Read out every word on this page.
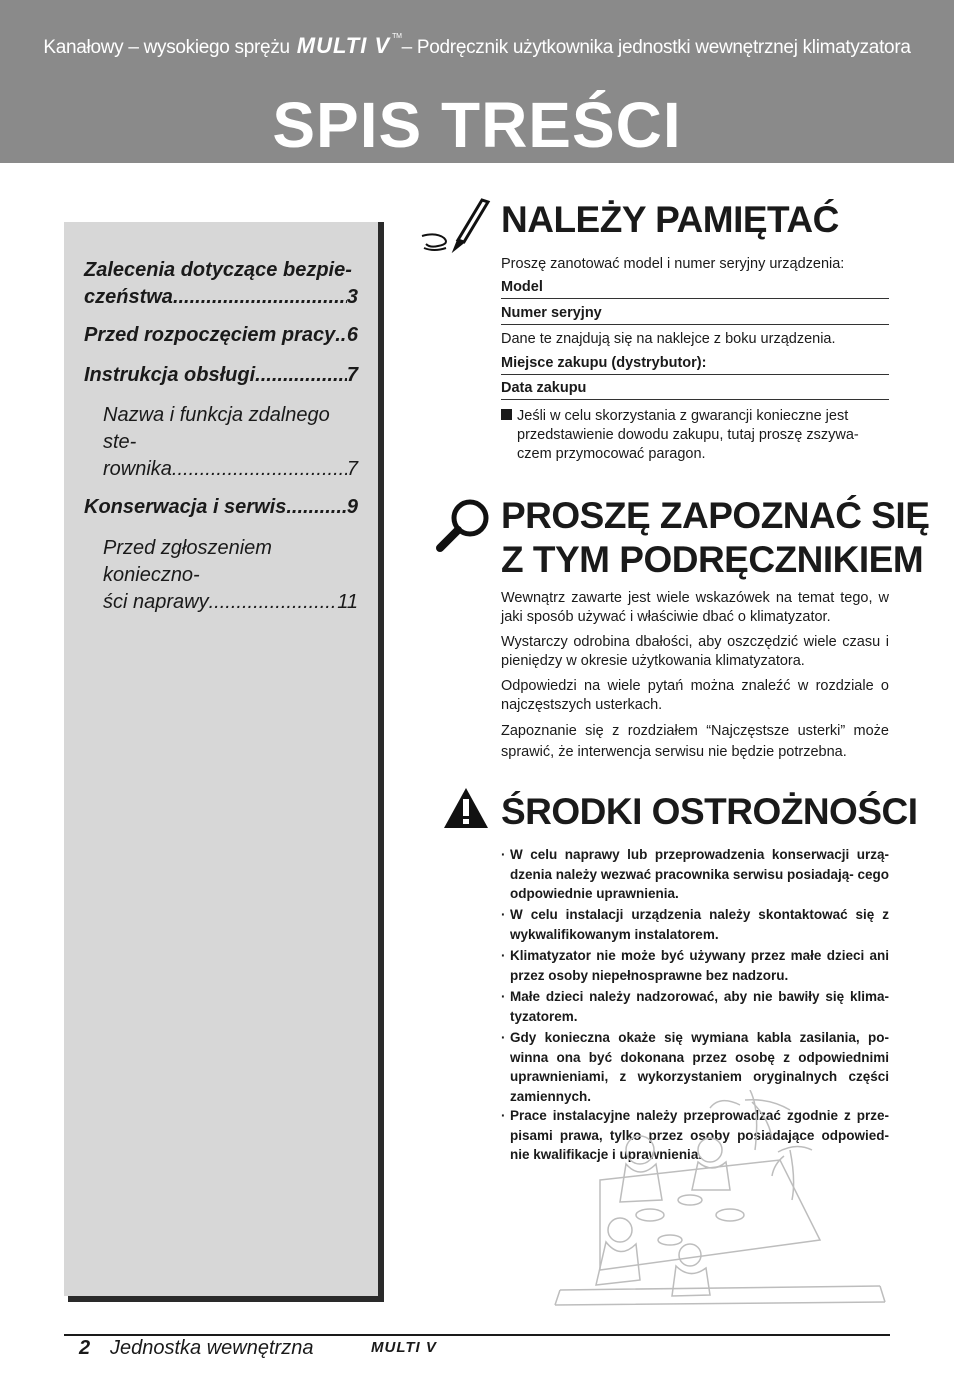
Kanałowy – wysokiego sprężu MULTI V ™– Podręcznik użytkownika jednostki wewnętrznej klimatyzatora
SPIS TREŚCI
Zalecenia dotyczące bezpie-
czeństwa .....	3
Przed rozpoczęciem pracy ..... 6
Instrukcja obsługi .....	7
Nazwa i funkcja zdalnego ste-
rownika .....	7
Konserwacja i serwis .....	9
Przed zgłoszeniem konieczno-
ści naprawy .....	11
NALEŻY PAMIĘTAĆ

Proszę zanotować model i numer seryjny urządzenia:

Model
Numer seryjny

Dane te znajdują się na naklejce z boku urządzenia.

Miejsce zakupu (dystrybutor):
Data zakupu
Jeśli w celu skorzystania z gwarancji konieczne jest przedstawienie dowodu zakupu, tutaj proszę zszywa- czem przymocować paragon.
PROSZĘ ZAPOZNAĆ SIĘ
Z TYM PODRĘCZNIKIEM

Wewnątrz zawarte jest wiele wskazówek na temat tego, w jaki sposób używać i właściwie dbać o klimatyzator.

Wystarczy odrobina dbałości, aby oszczędzić wiele czasu i pieniędzy w okresie użytkowania klimatyzatora.

Odpowiedzi na wiele pytań można znaleźć w rozdziale o najczęstszych usterkach.

Zapoznanie się z rozdziałem “Najczęstsze usterki” może sprawić, że interwencja serwisu nie będzie potrzebna.

ŚRODKI OSTROŻNOŚCI
· W celu naprawy lub przeprowadzenia konserwacji urzą- dzenia należy wezwać pracownika serwisu posiadają- cego odpowiednie uprawnienia.
· W celu instalacji urządzenia należy skontaktować się z wykwalifikowanym instalatorem.
· Klimatyzator nie może być używany przez małe dzieci ani przez osoby niepełnosprawne bez nadzoru.
· Małe dzieci należy nadzorować, aby nie bawiły się klima- tyzatorem.
· Gdy konieczna okaże się wymiana kabla zasilania, po- winna ona być dokonana przez osobę z odpowiednimi uprawnieniami, z wykorzystaniem oryginalnych części zamiennych.
· Prace instalacyjne należy przeprowadzać zgodnie z prze- pisami prawa, tylko przez osoby posiadające odpowied- nie kwalifikacje i uprawnienia.
2 Jednostka wewnętrzna	MULTI V
